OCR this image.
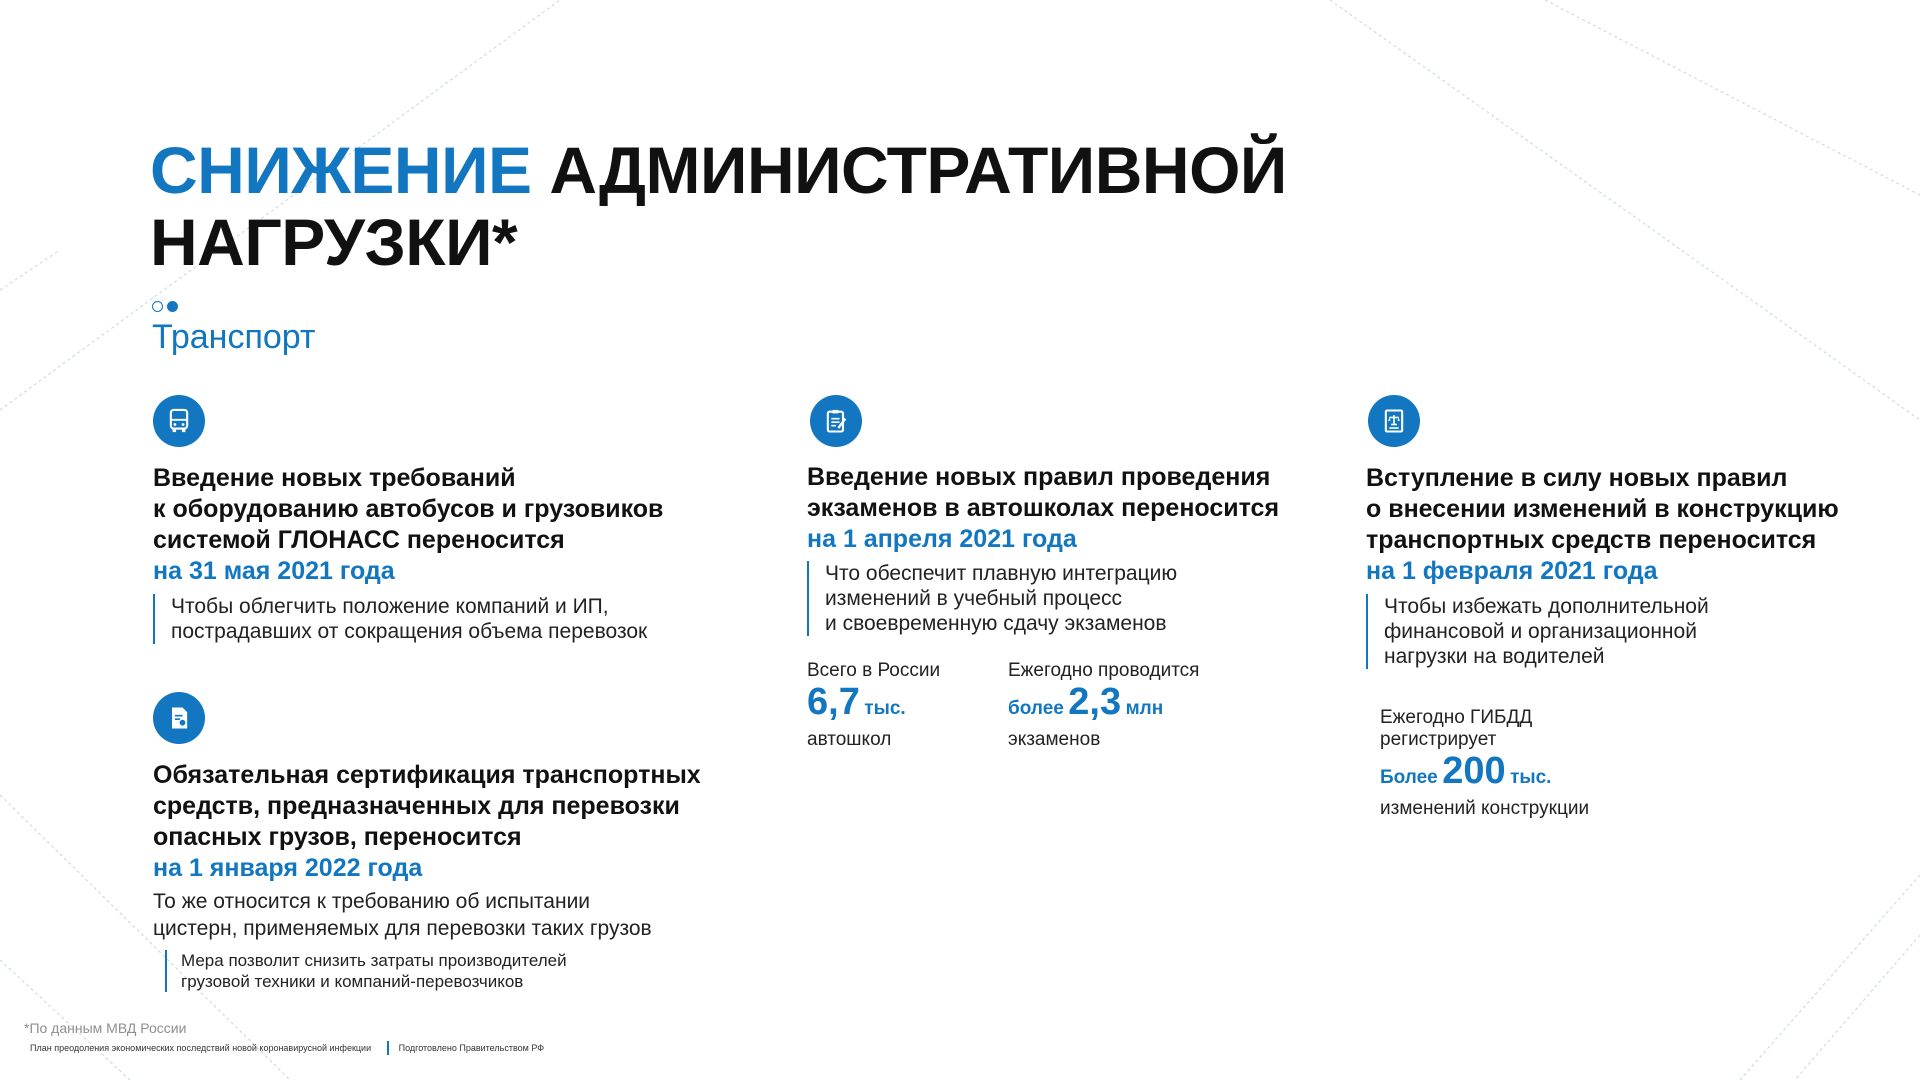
СНИЖЕНИЕ АДМИНИСТРАТИВНОЙ
НАГРУЗКИ*
Транспорт

Введение новых требований
к оборудованию автобусов и грузовиков
системой ГЛОНАСС переносится

на 31 мая 2021 года
Чтобы облегчить положение компаний и ИП,
пострадавших от сокращения объема перевозок

Обязательная сертификация транспортных
средств, предназначенных для перевозки
опасных грузов, переносится

на 1 января 2022 года
То же относится к требованию об испытании
цистерн, применяемых для перевозки таких грузов
Мера позволит снизить затраты производителей
грузовой техники и компаний-перевозчиков

Введение новых правил проведения
экзаменов в автошколах переносится

на 1 апреля 2021 года
Что обеспечит плавную интеграцию
изменений в учебный процесс
и своевременную сдачу экзаменов
Всего в России
6,7 тыс.
автошкол
Ежегодно проводится
более 2,3 млн
экзаменов

Вступление в силу новых правил
о внесении изменений в конструкцию
транспортных средств переносится

на 1 февраля 2021 года
Чтобы избежать дополнительной
финансовой и организационной
нагрузки на водителей
Ежегодно ГИБДД
регистрирует
Более 200 тыс.
изменений конструкции
*По данным МВД России
План преодоления экономических последствий новой коронавирусной инфекции	Подготовлено Правительством РФ
